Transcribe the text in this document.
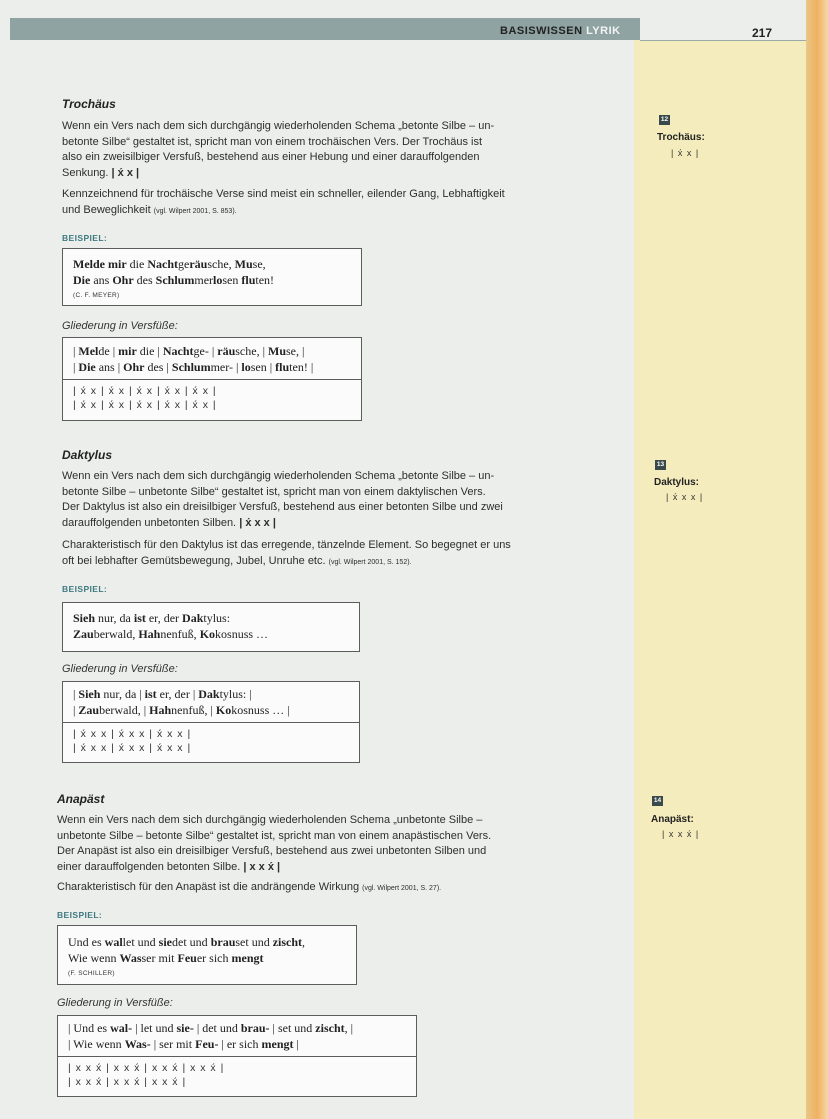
BASISWISSEN LYRIK	217
Trochäus
Wenn ein Vers nach dem sich durchgängig wiederholenden Schema „betonte Silbe – un-
betonte Silbe“ gestaltet ist, spricht man von einem trochäischen Vers. Der Trochäus ist
also ein zweisilbiger Versfuß, bestehend aus einer Hebung und einer darauffolgenden
Senkung. | x́ x |
Kennzeichnend für trochäische Verse sind meist ein schneller, eilender Gang, Lebhaftigkeit
und Beweglichkeit (vgl. Wilpert 2001, S. 853).
BEISPIEL:
Melde mir die Nachtgeräusche, Muse,
Die ans Ohr des Schlummerlosen fluten!
(C. F. MEYER)
Gliederung in Versfüße:
| Melde | mir die | Nachtge- | räusche, | Muse, |
| Die ans | Ohr des | Schlummer- | losen | fluten! |
| x́ x | x́ x | x́ x | x́ x | x́ x |
| x́ x | x́ x | x́ x | x́ x | x́ x |
Daktylus
Wenn ein Vers nach dem sich durchgängig wiederholenden Schema „betonte Silbe – un-
betonte Silbe – unbetonte Silbe“ gestaltet ist, spricht man von einem daktylischen Vers.
Der Daktylus ist also ein dreisilbiger Versfuß, bestehend aus einer betonten Silbe und zwei
darauffolgenden unbetonten Silben. | x́ x x |
Charakteristisch für den Daktylus ist das erregende, tänzelnde Element. So begegnet er uns
oft bei lebhafter Gemütsbewegung, Jubel, Unruhe etc. (vgl. Wilpert 2001, S. 152).
BEISPIEL:
Sieh nur, da ist er, der Daktylus:
Zauberwald, Hahnenfuß, Kokosnuss …
Gliederung in Versfüße:
| Sieh nur, da | ist er, der | Daktylus: |
| Zauberwald, | Hahnenfuß, | Kokosnuss … |
| x́ x x | x́ x x | x́ x x |
| x́ x x | x́ x x | x́ x x |
Anapäst
Wenn ein Vers nach dem sich durchgängig wiederholenden Schema „unbetonte Silbe –
unbetonte Silbe – betonte Silbe“ gestaltet ist, spricht man von einem anapästischen Vers.
Der Anapäst ist also ein dreisilbiger Versfuß, bestehend aus zwei unbetonten Silben und
einer darauffolgenden betonten Silbe. | x x x́ |
Charakteristisch für den Anapäst ist die andrängende Wirkung (vgl. Wilpert 2001, S. 27).
BEISPIEL:
Und es wallet und siedet und brauset und zischt,
Wie wenn Wasser mit Feuer sich mengt
(F. SCHILLER)
Gliederung in Versfüße:
| Und es wal- | let und sie- | det und brau- | set und zischt, |
| Wie wenn Was- | ser mit Feu- | er sich mengt |
| x x x́ | x x x́ | x x x́ | x x x́ |
| x x x́ | x x x́ | x x x́ |
12
Trochäus:
| x́ x |
13
Daktylus:
| x́ x x |
14
Anapäst:
| x x x́ |
